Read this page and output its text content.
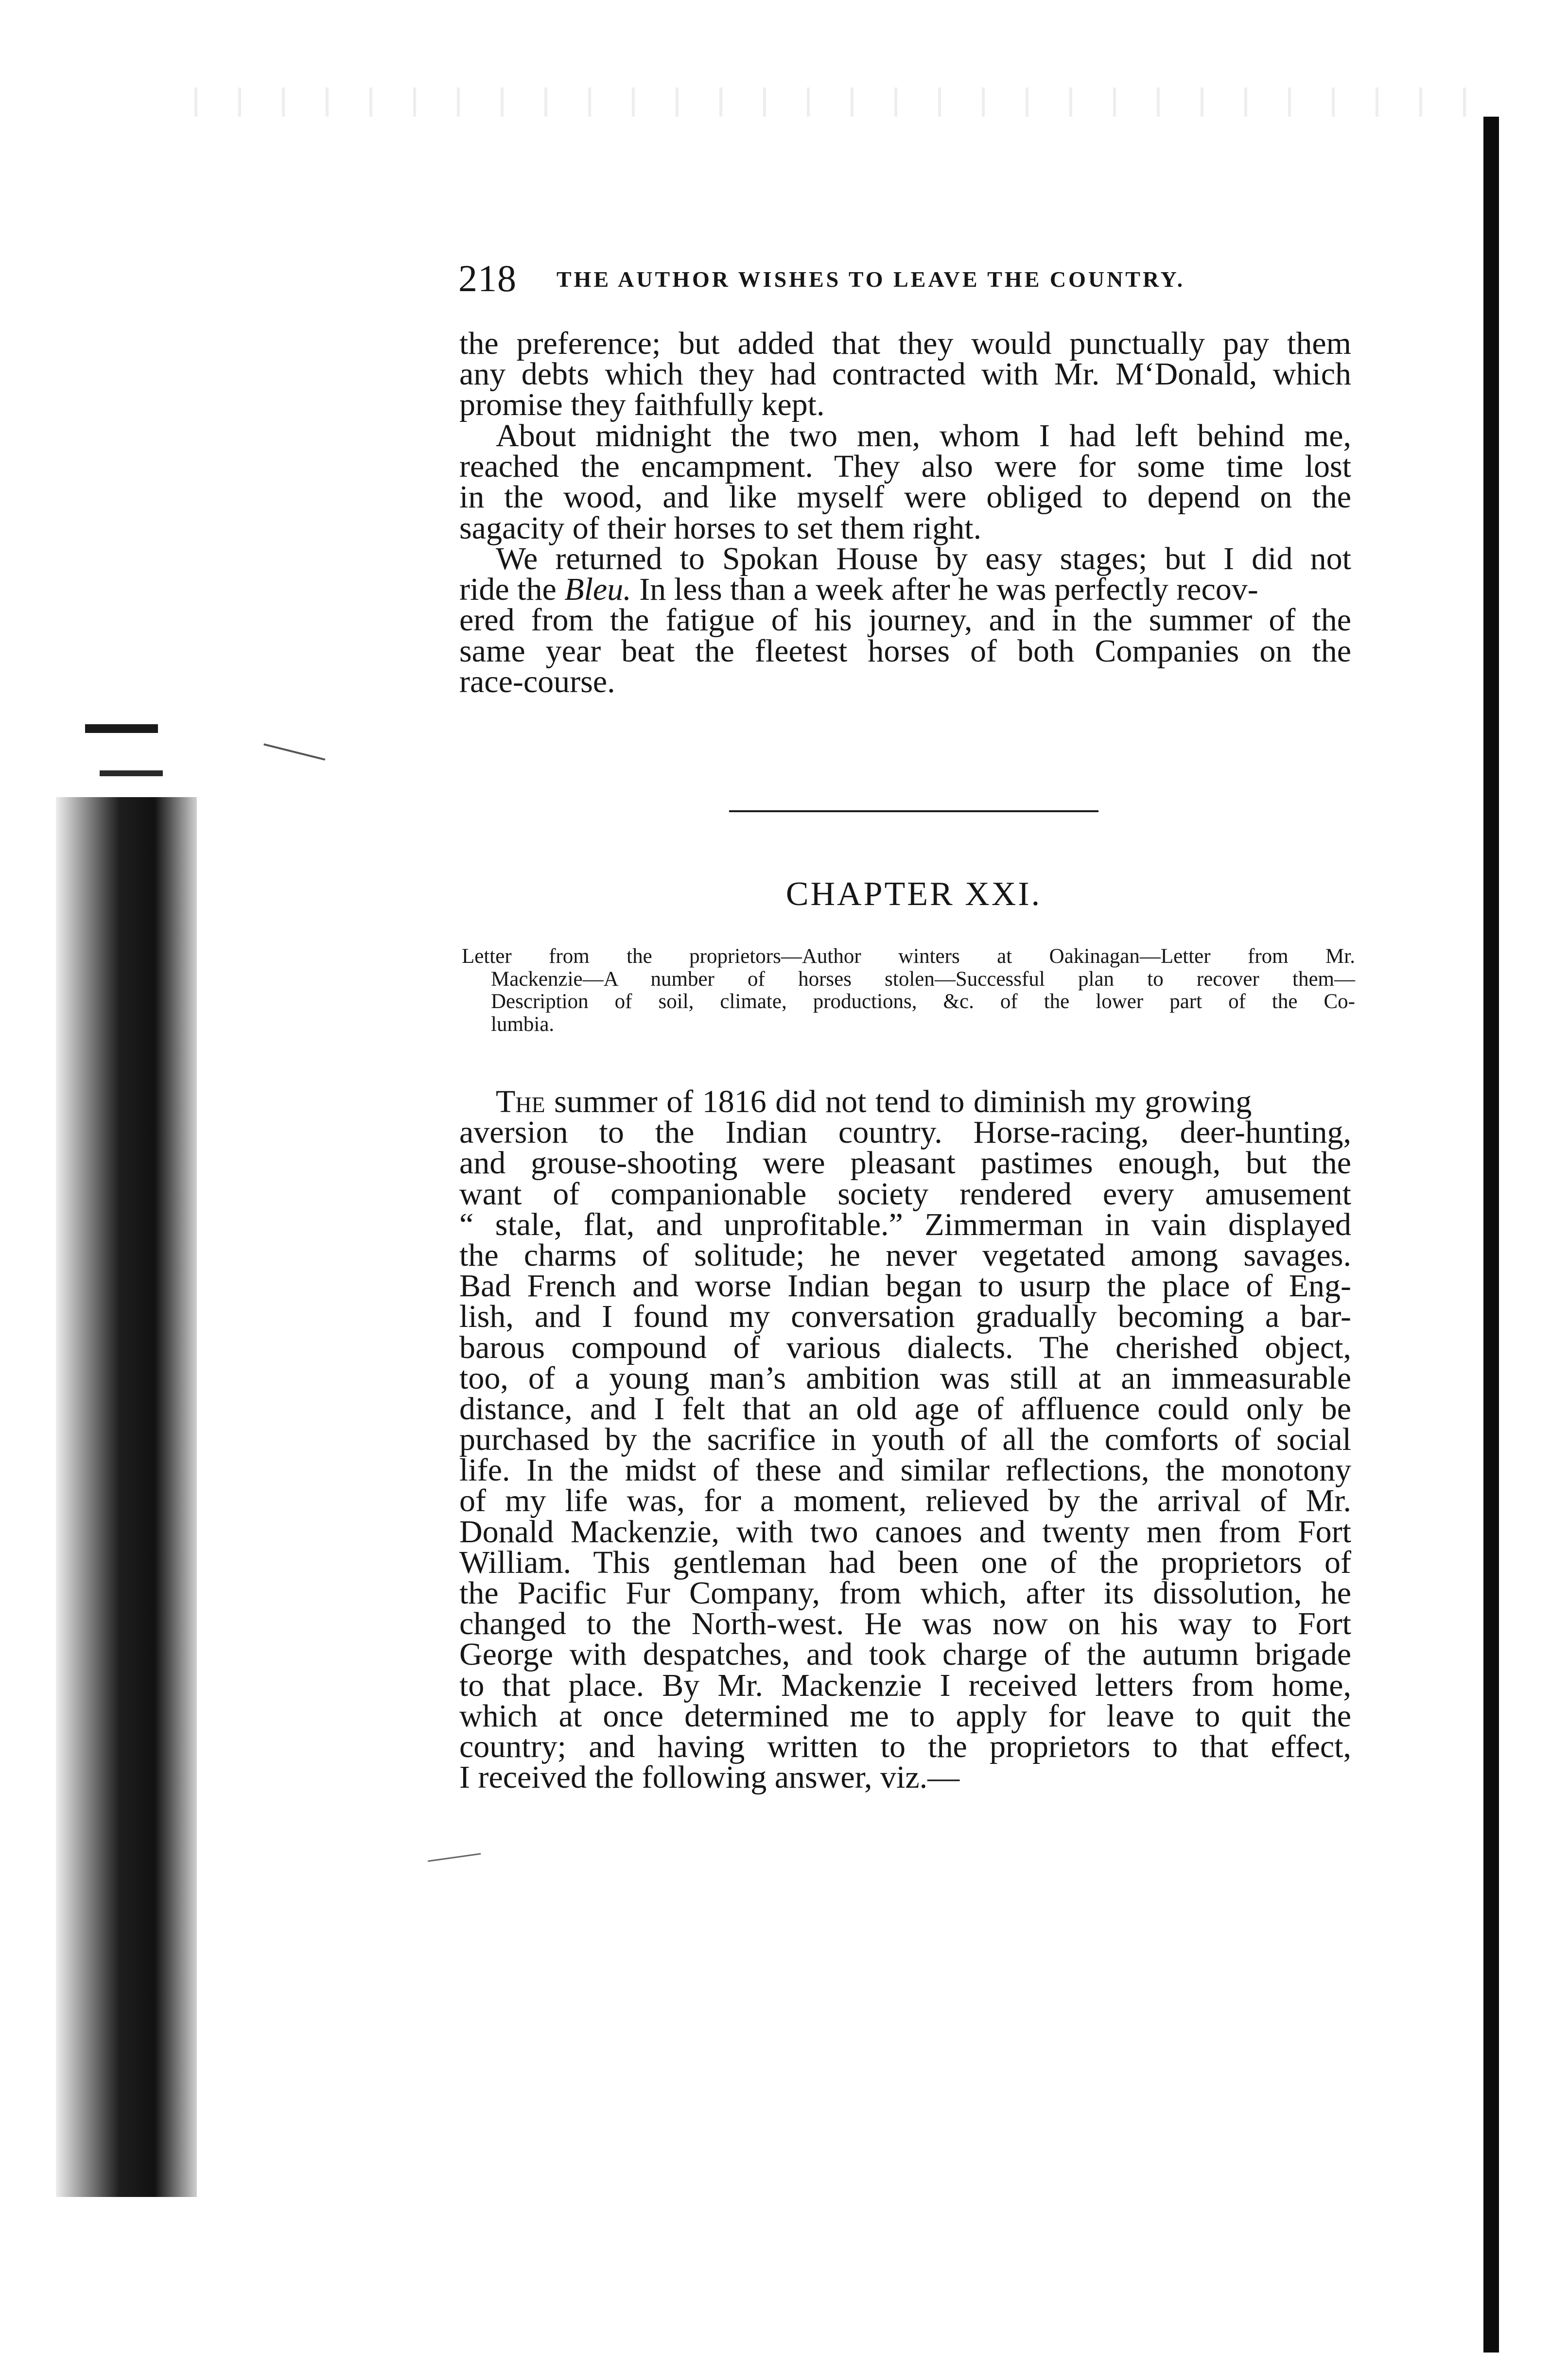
218 THE AUTHOR WISHES TO LEAVE THE COUNTRY.
the preference; but added that they would punctually pay them
any debts which they had contracted with Mr. M‘Donald, which
promise they faithfully kept.
About midnight the two men, whom I had left behind me,
reached the encampment. They also were for some time lost
in the wood, and like myself were obliged to depend on the
sagacity of their horses to set them right.
We returned to Spokan House by easy stages; but I did not
ride the Bleu. In less than a week after he was perfectly recov-
ered from the fatigue of his journey, and in the summer of the
same year beat the fleetest horses of both Companies on the
race-course.
CHAPTER XXI.
Letter from the proprietors—Author winters at Oakinagan—Letter from Mr.
Mackenzie—A number of horses stolen—Successful plan to recover them—
Description of soil, climate, productions, &c. of the lower part of the Co-
lumbia.
The summer of 1816 did not tend to diminish my growing
aversion to the Indian country. Horse-racing, deer-hunting,
and grouse-shooting were pleasant pastimes enough, but the
want of companionable society rendered every amusement
“ stale, flat, and unprofitable.” Zimmerman in vain displayed
the charms of solitude; he never vegetated among savages.
Bad French and worse Indian began to usurp the place of Eng-
lish, and I found my conversation gradually becoming a bar-
barous compound of various dialects. The cherished object,
too, of a young man’s ambition was still at an immeasurable
distance, and I felt that an old age of affluence could only be
purchased by the sacrifice in youth of all the comforts of social
life. In the midst of these and similar reflections, the monotony
of my life was, for a moment, relieved by the arrival of Mr.
Donald Mackenzie, with two canoes and twenty men from Fort
William. This gentleman had been one of the proprietors of
the Pacific Fur Company, from which, after its dissolution, he
changed to the North-west. He was now on his way to Fort
George with despatches, and took charge of the autumn brigade
to that place. By Mr. Mackenzie I received letters from home,
which at once determined me to apply for leave to quit the
country; and having written to the proprietors to that effect,
I received the following answer, viz.—
